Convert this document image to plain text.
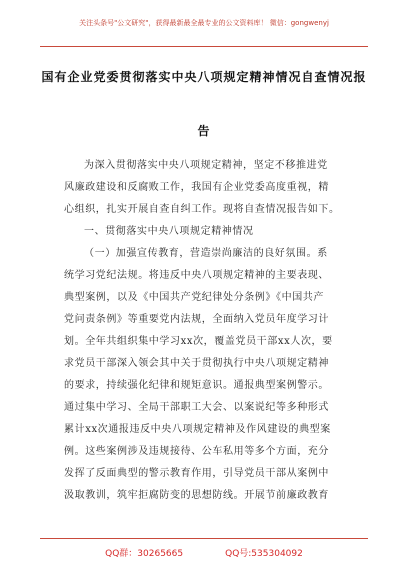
关注头条号"公文研究"，获得最新最全最专业的公文资料库！ 微信：gongwenyj
国有企业党委贯彻落实中央八项规定精神情况自查情况报
告
为深入贯彻落实中央八项规定精神，坚定不移推进党
风廉政建设和反腐败工作，我国有企业党委高度重视，精
心组织，扎实开展自查自纠工作。现将自查情况报告如下。
一、贯彻落实中央八项规定精神情况
（一）加强宣传教育，营造崇尚廉洁的良好氛围。系
统学习党纪法规。将违反中央八项规定精神的主要表现、
典型案例，以及《中国共产党纪律处分条例》《中国共产
党问责条例》等重要党内法规，全面纳入党员年度学习计
划。全年共组织集中学习xx次，覆盖党员干部xx人次，要
求党员干部深入领会其中关于贯彻执行中央八项规定精神
的要求，持续强化纪律和规矩意识。通报典型案例警示。
通过集中学习、全局干部职工大会、以案说纪等多种形式
累计xx次通报违反中央八项规定精神及作风建设的典型案
例。这些案例涉及违规接待、公车私用等多个方面，充分
发挥了反面典型的警示教育作用，引导党员干部从案例中
汲取教训，筑牢拒腐防变的思想防线。开展节前廉政教育
QQ群：30265665	QQ号:535304092
